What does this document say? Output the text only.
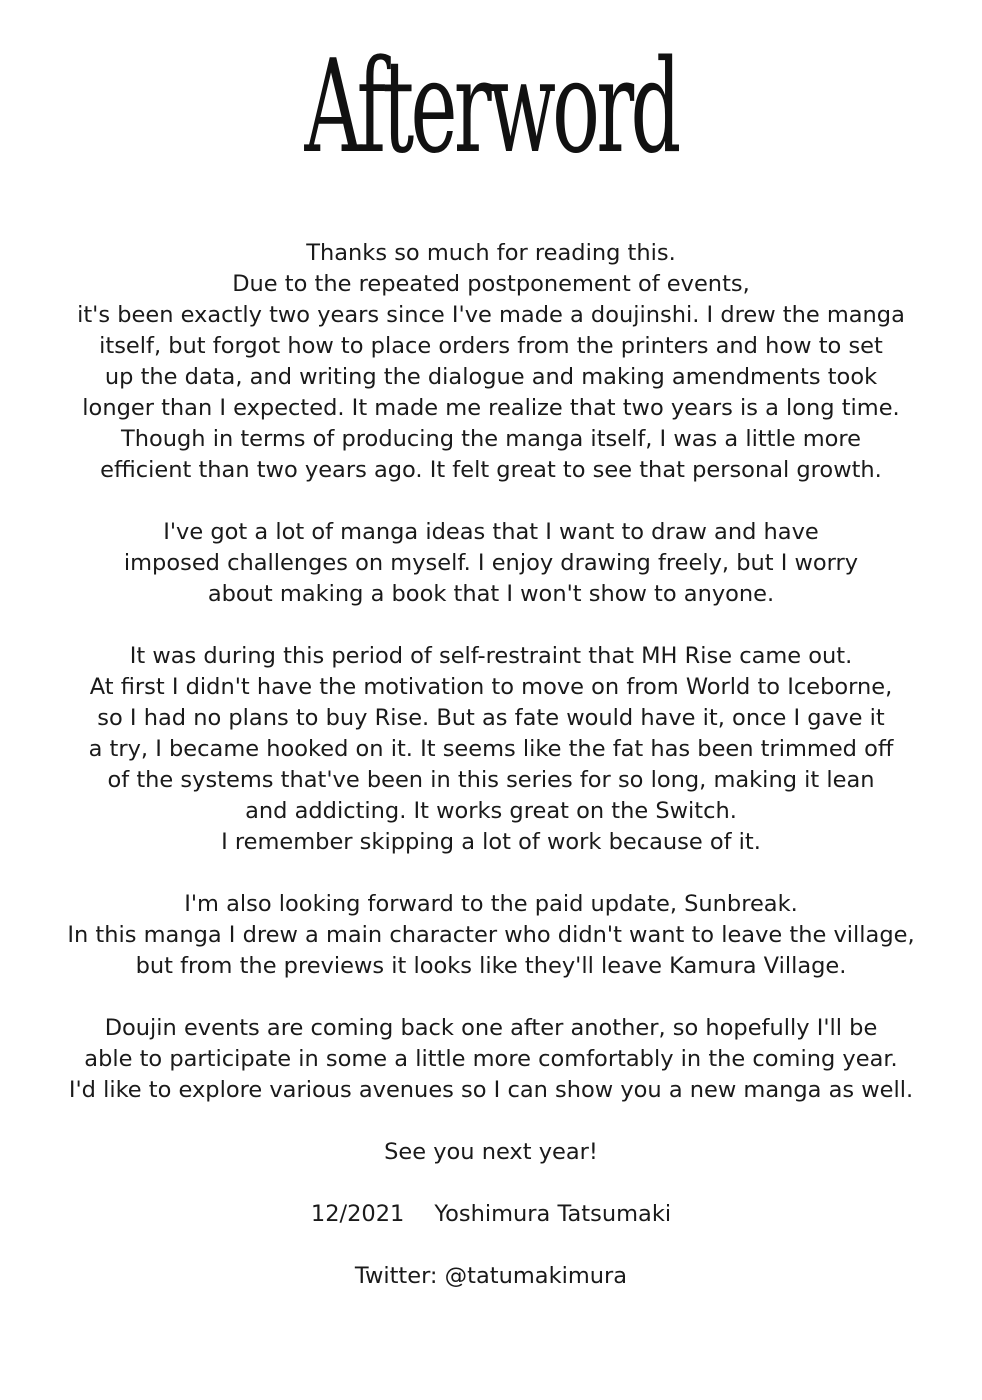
Afterword
Thanks so much for reading this.
Due to the repeated postponement of events,
it's been exactly two years since I've made a doujinshi. I drew the manga
itself, but forgot how to place orders from the printers and how to set
up the data, and writing the dialogue and making amendments took
longer than I expected. It made me realize that two years is a long time.
Though in terms of producing the manga itself, I was a little more
efficient than two years ago. It felt great to see that personal growth.
I've got a lot of manga ideas that I want to draw and have
imposed challenges on myself. I enjoy drawing freely, but I worry
about making a book that I won't show to anyone.
It was during this period of self-restraint that MH Rise came out.
At first I didn't have the motivation to move on from World to Iceborne,
so I had no plans to buy Rise. But as fate would have it, once I gave it
a try, I became hooked on it. It seems like the fat has been trimmed off
of the systems that've been in this series for so long, making it lean
and addicting. It works great on the Switch.
I remember skipping a lot of work because of it.
I'm also looking forward to the paid update, Sunbreak.
In this manga I drew a main character who didn't want to leave the village,
but from the previews it looks like they'll leave Kamura Village.
Doujin events are coming back one after another, so hopefully I'll be
able to participate in some a little more comfortably in the coming year.
I'd like to explore various avenues so I can show you a new manga as well.
See you next year!
12/2021 Yoshimura Tatsumaki
Twitter: @tatumakimura
